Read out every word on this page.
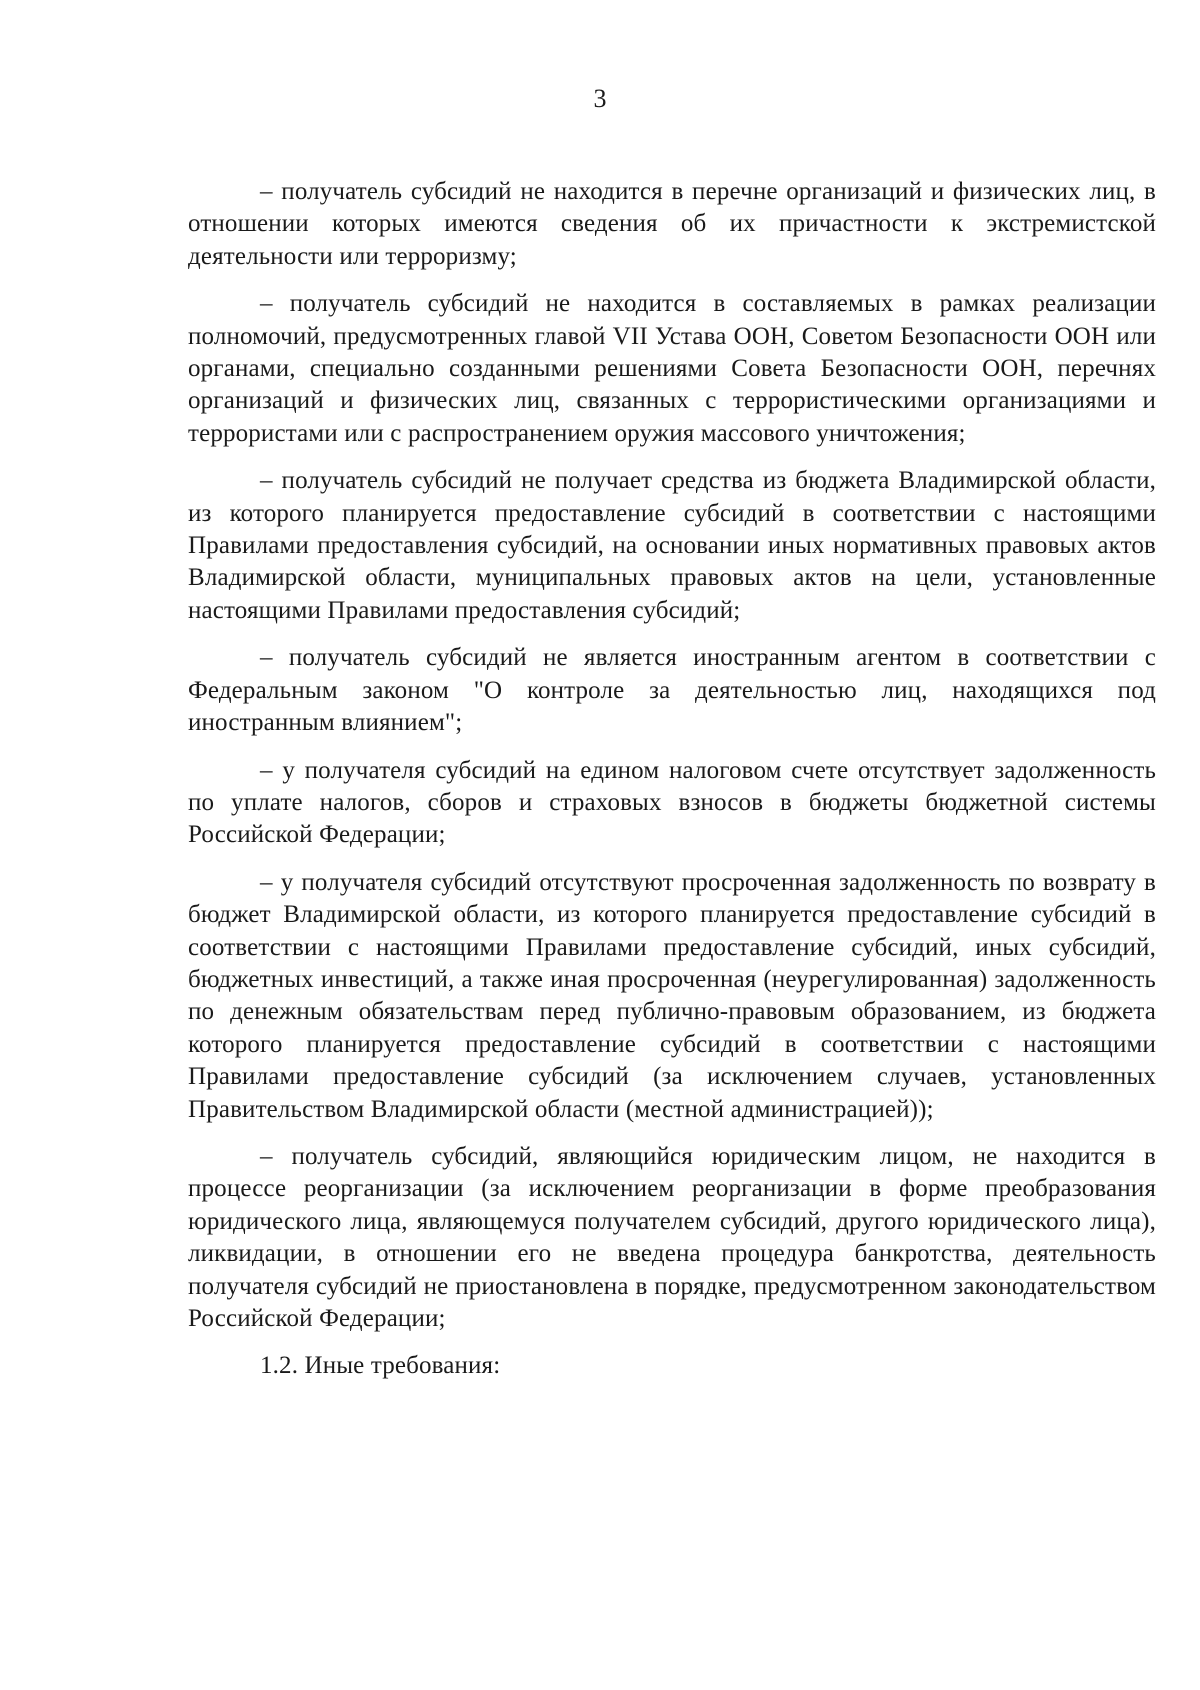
3

– получатель субсидий не находится в перечне организаций и физических лиц, в отношении которых имеются сведения об их причастности к экстремистской деятельности или терроризму;

– получатель субсидий не находится в составляемых в рамках реализации полномочий, предусмотренных главой VII Устава ООН, Советом Безопасности ООН или органами, специально созданными решениями Совета Безопасности ООН, перечнях организаций и физических лиц, связанных с террористическими организациями и террористами или с распространением оружия массового уничтожения;

– получатель субсидий не получает средства из бюджета Владимирской области, из которого планируется предоставление субсидий в соответствии с настоящими Правилами предоставления субсидий, на основании иных нормативных правовых актов Владимирской области, муниципальных правовых актов на цели, установленные настоящими Правилами предоставления субсидий;

– получатель субсидий не является иностранным агентом в соответствии с Федеральным законом "О контроле за деятельностью лиц, находящихся под иностранным влиянием";

– у получателя субсидий на едином налоговом счете отсутствует задолженность по уплате налогов, сборов и страховых взносов в бюджеты бюджетной системы Российской Федерации;

– у получателя субсидий отсутствуют просроченная задолженность по возврату в бюджет Владимирской области, из которого планируется предоставление субсидий в соответствии с настоящими Правилами предоставление субсидий, иных субсидий, бюджетных инвестиций, а также иная просроченная (неурегулированная) задолженность по денежным обязательствам перед публично-правовым образованием, из бюджета которого планируется предоставление субсидий в соответствии с настоящими Правилами предоставление субсидий (за исключением случаев, установленных Правительством Владимирской области (местной администрацией));

– получатель субсидий, являющийся юридическим лицом, не находится в процессе реорганизации (за исключением реорганизации в форме преобразования юридического лица, являющемуся получателем субсидий, другого юридического лица), ликвидации, в отношении его не введена процедура банкротства, деятельность получателя субсидий не приостановлена в порядке, предусмотренном законодательством Российской Федерации;

1.2. Иные требования:
